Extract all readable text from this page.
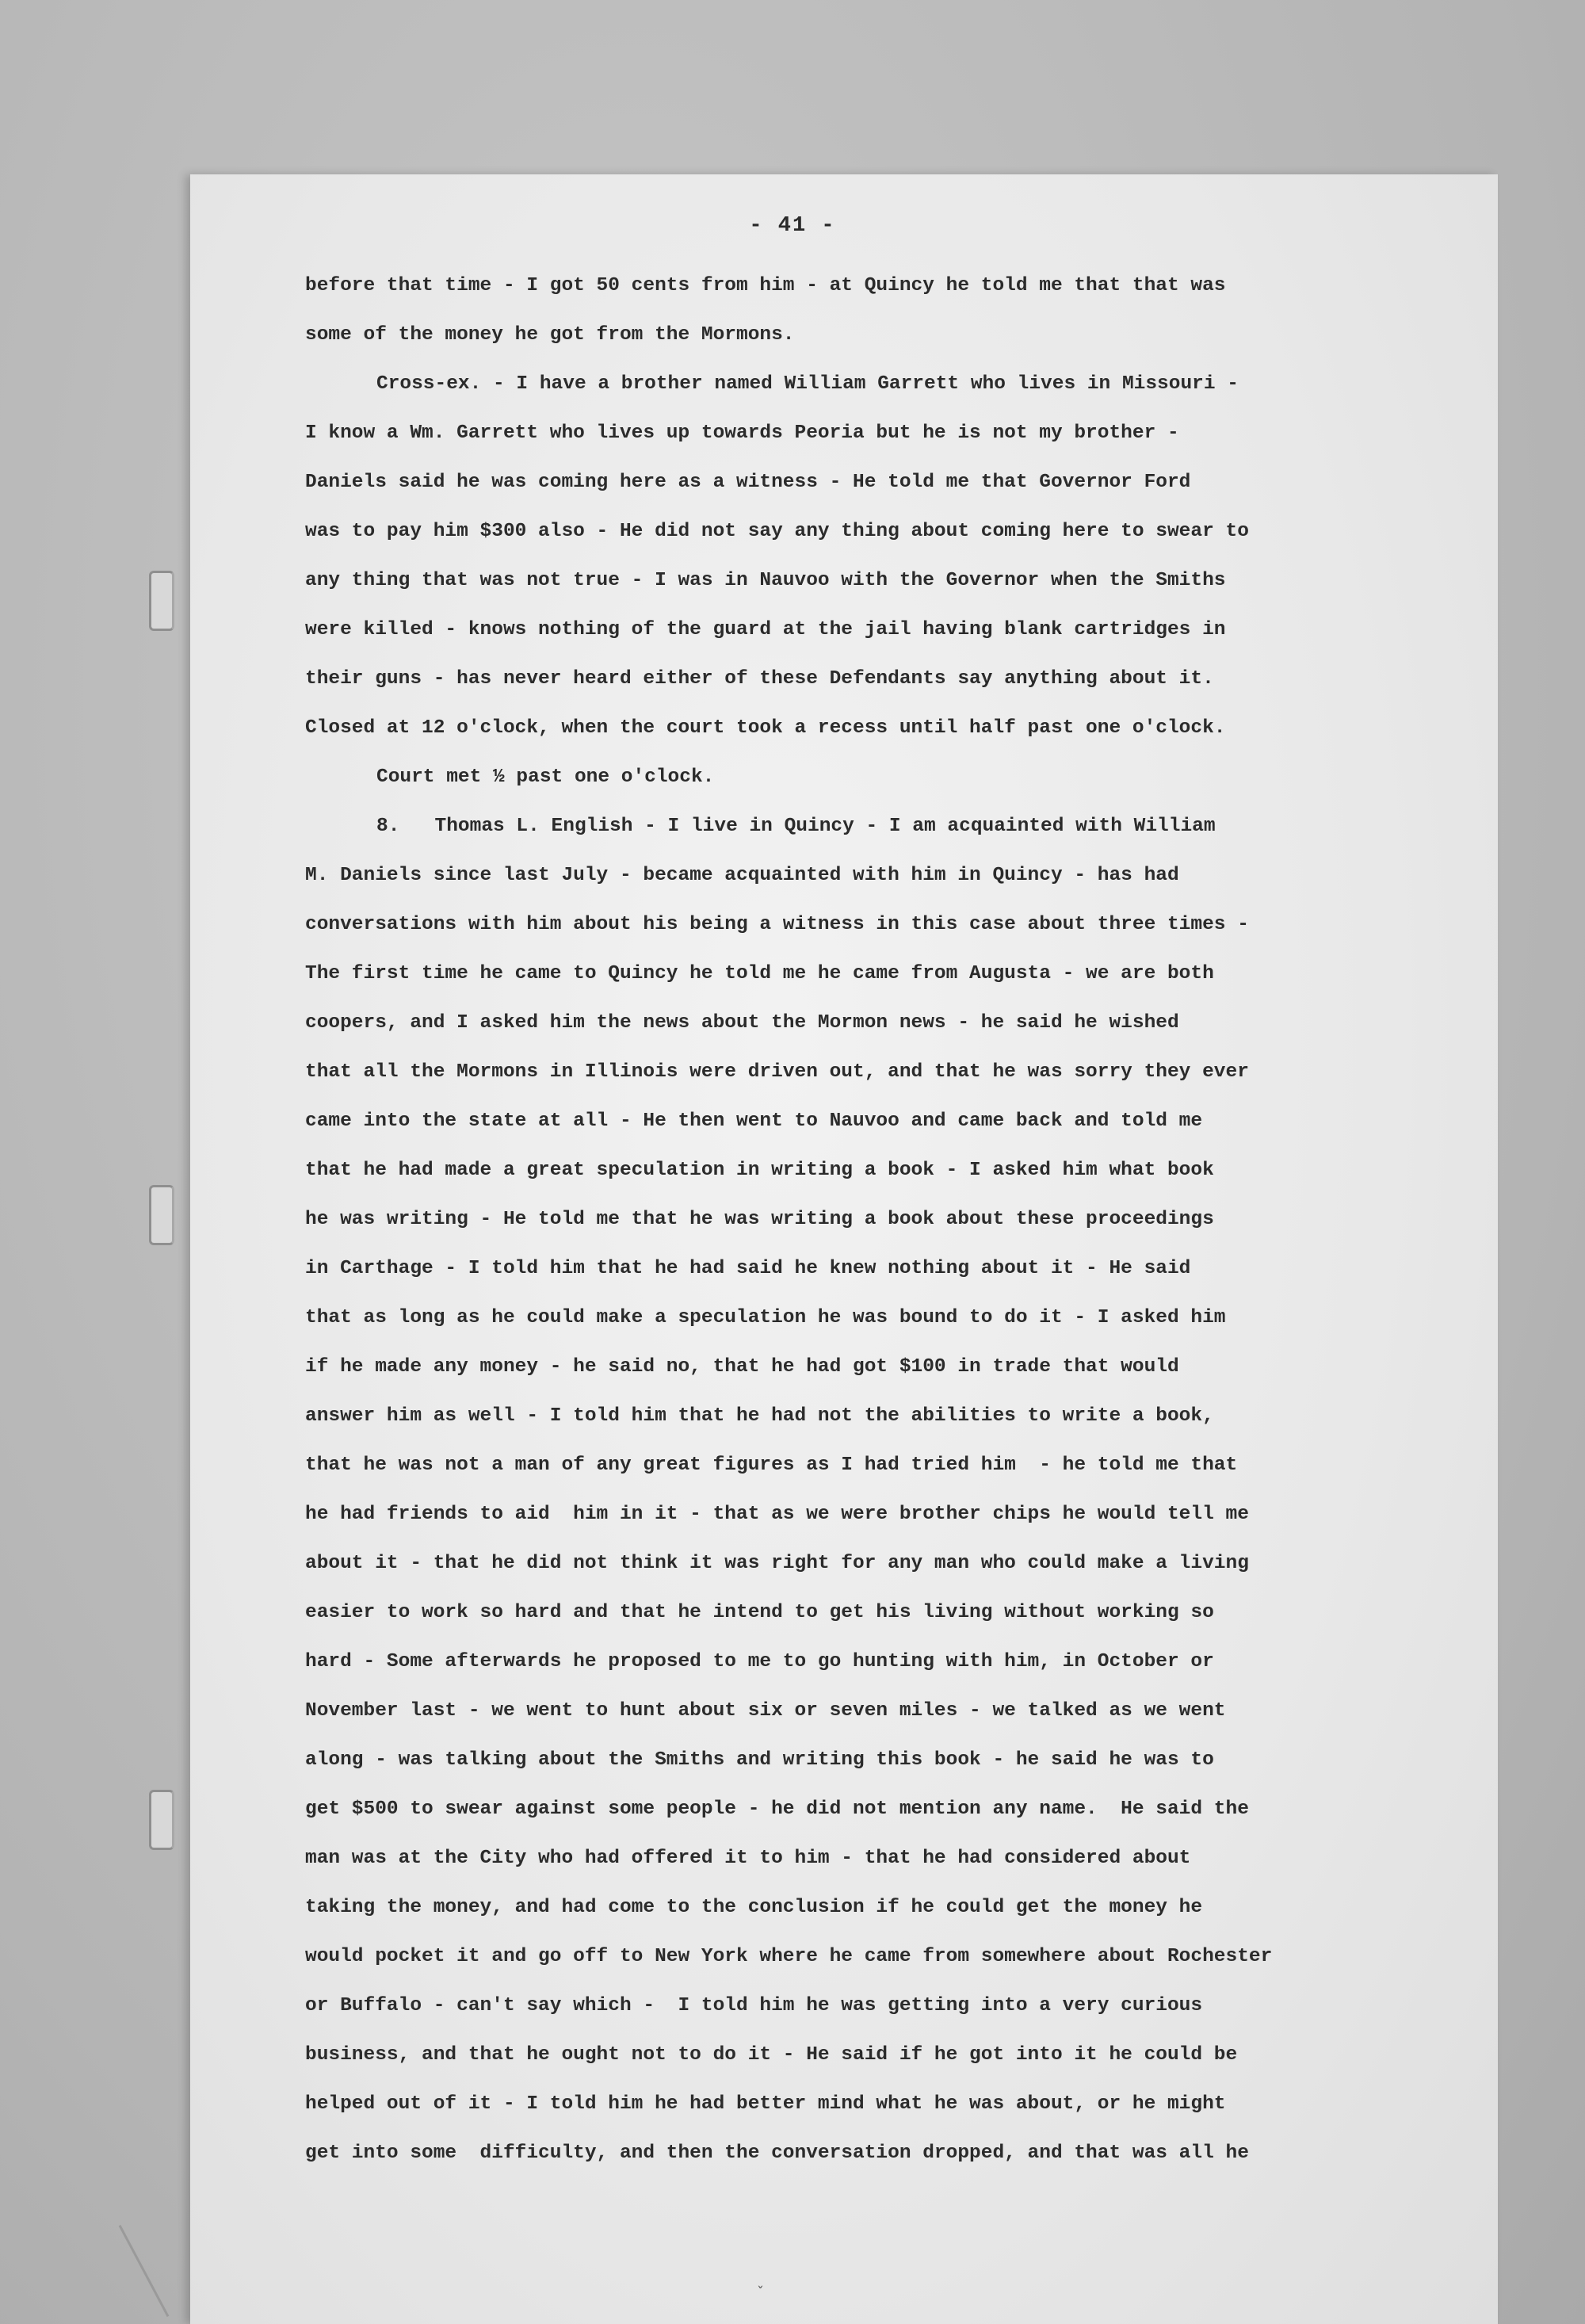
- 41 -
before that time - I got 50 cents from him - at Quincy he told me that that was
some of the money he got from the Mormons.
Cross-ex. - I have a brother named William Garrett who lives in Missouri -
I know a Wm. Garrett who lives up towards Peoria but he is not my brother -
Daniels said he was coming here as a witness - He told me that Governor Ford
was to pay him $300 also - He did not say any thing about coming here to swear to
any thing that was not true - I was in Nauvoo with the Governor when the Smiths
were killed - knows nothing of the guard at the jail having blank cartridges in
their guns - has never heard either of these Defendants say anything about it.
Closed at 12 o'clock, when the court took a recess until half past one o'clock.
Court met ½ past one o'clock.
8.   Thomas L. English - I live in Quincy - I am acquainted with William
M. Daniels since last July - became acquainted with him in Quincy - has had
conversations with him about his being a witness in this case about three times -
The first time he came to Quincy he told me he came from Augusta - we are both
coopers, and I asked him the news about the Mormon news - he said he wished
that all the Mormons in Illinois were driven out, and that he was sorry they ever
came into the state at all - He then went to Nauvoo and came back and told me
that he had made a great speculation in writing a book - I asked him what book
he was writing - He told me that he was writing a book about these proceedings
in Carthage - I told him that he had said he knew nothing about it - He said
that as long as he could make a speculation he was bound to do it - I asked him
if he made any money - he said no, that he had got $100 in trade that would
answer him as well - I told him that he had not the abilities to write a book,
that he was not a man of any great figures as I had tried him  - he told me that
he had friends to aid  him in it - that as we were brother chips he would tell me
about it - that he did not think it was right for any man who could make a living
easier to work so hard and that he intend to get his living without working so
hard - Some afterwards he proposed to me to go hunting with him, in October or
November last - we went to hunt about six or seven miles - we talked as we went
along - was talking about the Smiths and writing this book - he said he was to
get $500 to swear against some people - he did not mention any name.  He said the
man was at the City who had offered it to him - that he had considered about
taking the money, and had come to the conclusion if he could get the money he
would pocket it and go off to New York where he came from somewhere about Rochester
or Buffalo - can't say which -  I told him he was getting into a very curious
business, and that he ought not to do it - He said if he got into it he could be
helped out of it - I told him he had better mind what he was about, or he might
get into some  difficulty, and then the conversation dropped, and that was all he
ˇ
